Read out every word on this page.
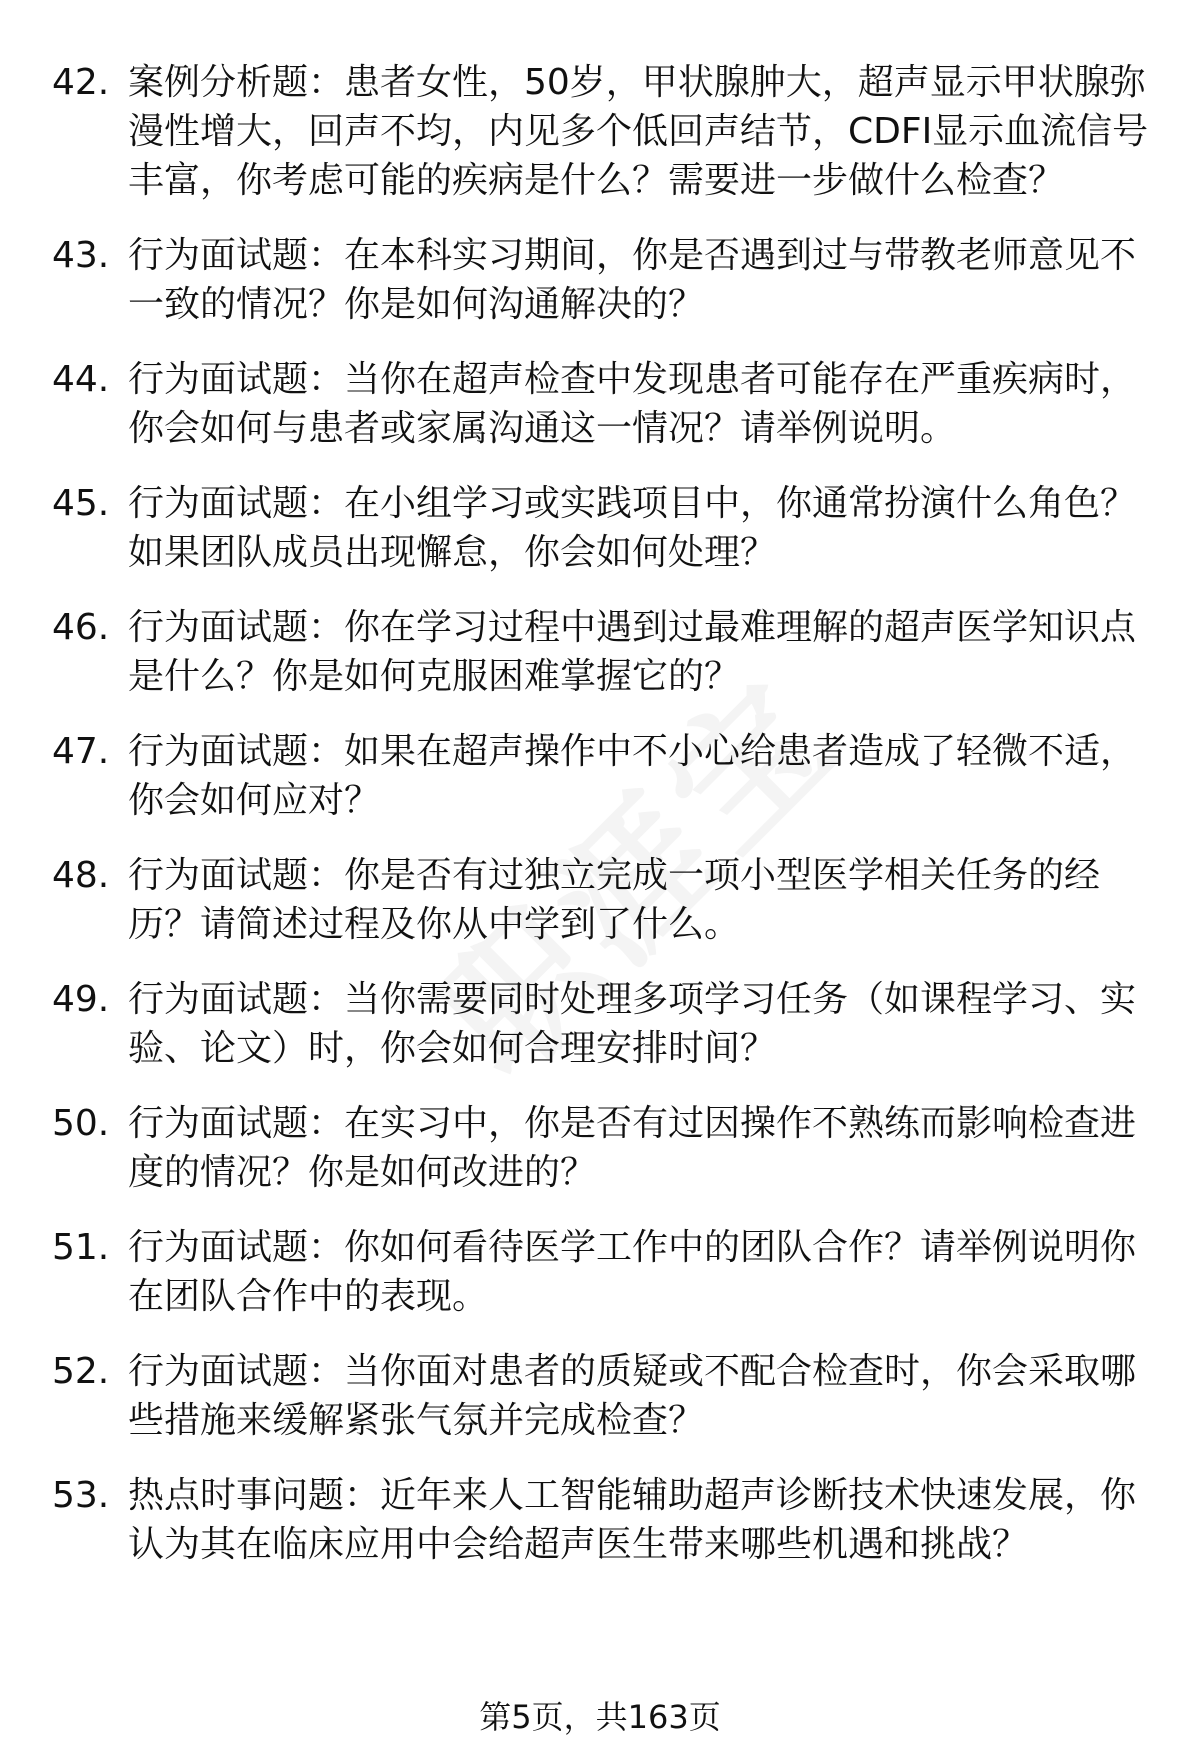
42. 案例分析题：患者女性，50岁，甲状腺肿大，超声显示甲状腺弥漫性增大，回声不均，内见多个低回声结节，CDFI显示血流信号丰富，你考虑可能的疾病是什么？需要进一步做什么检查？
43. 行为面试题：在本科实习期间，你是否遇到过与带教老师意见不一致的情况？你是如何沟通解决的？
44. 行为面试题：当你在超声检查中发现患者可能存在严重疾病时，你会如何与患者或家属沟通这一情况？请举例说明。
45. 行为面试题：在小组学习或实践项目中，你通常扮演什么角色？如果团队成员出现懈怠，你会如何处理？
46. 行为面试题：你在学习过程中遇到过最难理解的超声医学知识点是什么？你是如何克服困难掌握它的？
47. 行为面试题：如果在超声操作中不小心给患者造成了轻微不适，你会如何应对？
48. 行为面试题：你是否有过独立完成一项小型医学相关任务的经历？请简述过程及你从中学到了什么。
49. 行为面试题：当你需要同时处理多项学习任务（如课程学习、实验、论文）时，你会如何合理安排时间？
50. 行为面试题：在实习中，你是否有过因操作不熟练而影响检查进度的情况？你是如何改进的？
51. 行为面试题：你如何看待医学工作中的团队合作？请举例说明你在团队合作中的表现。
52. 行为面试题：当你面对患者的质疑或不配合检查时，你会采取哪些措施来缓解紧张气氛并完成检查？
53. 热点时事问题：近年来人工智能辅助超声诊断技术快速发展，你认为其在临床应用中会给超声医生带来哪些机遇和挑战？
第5页，共163页
